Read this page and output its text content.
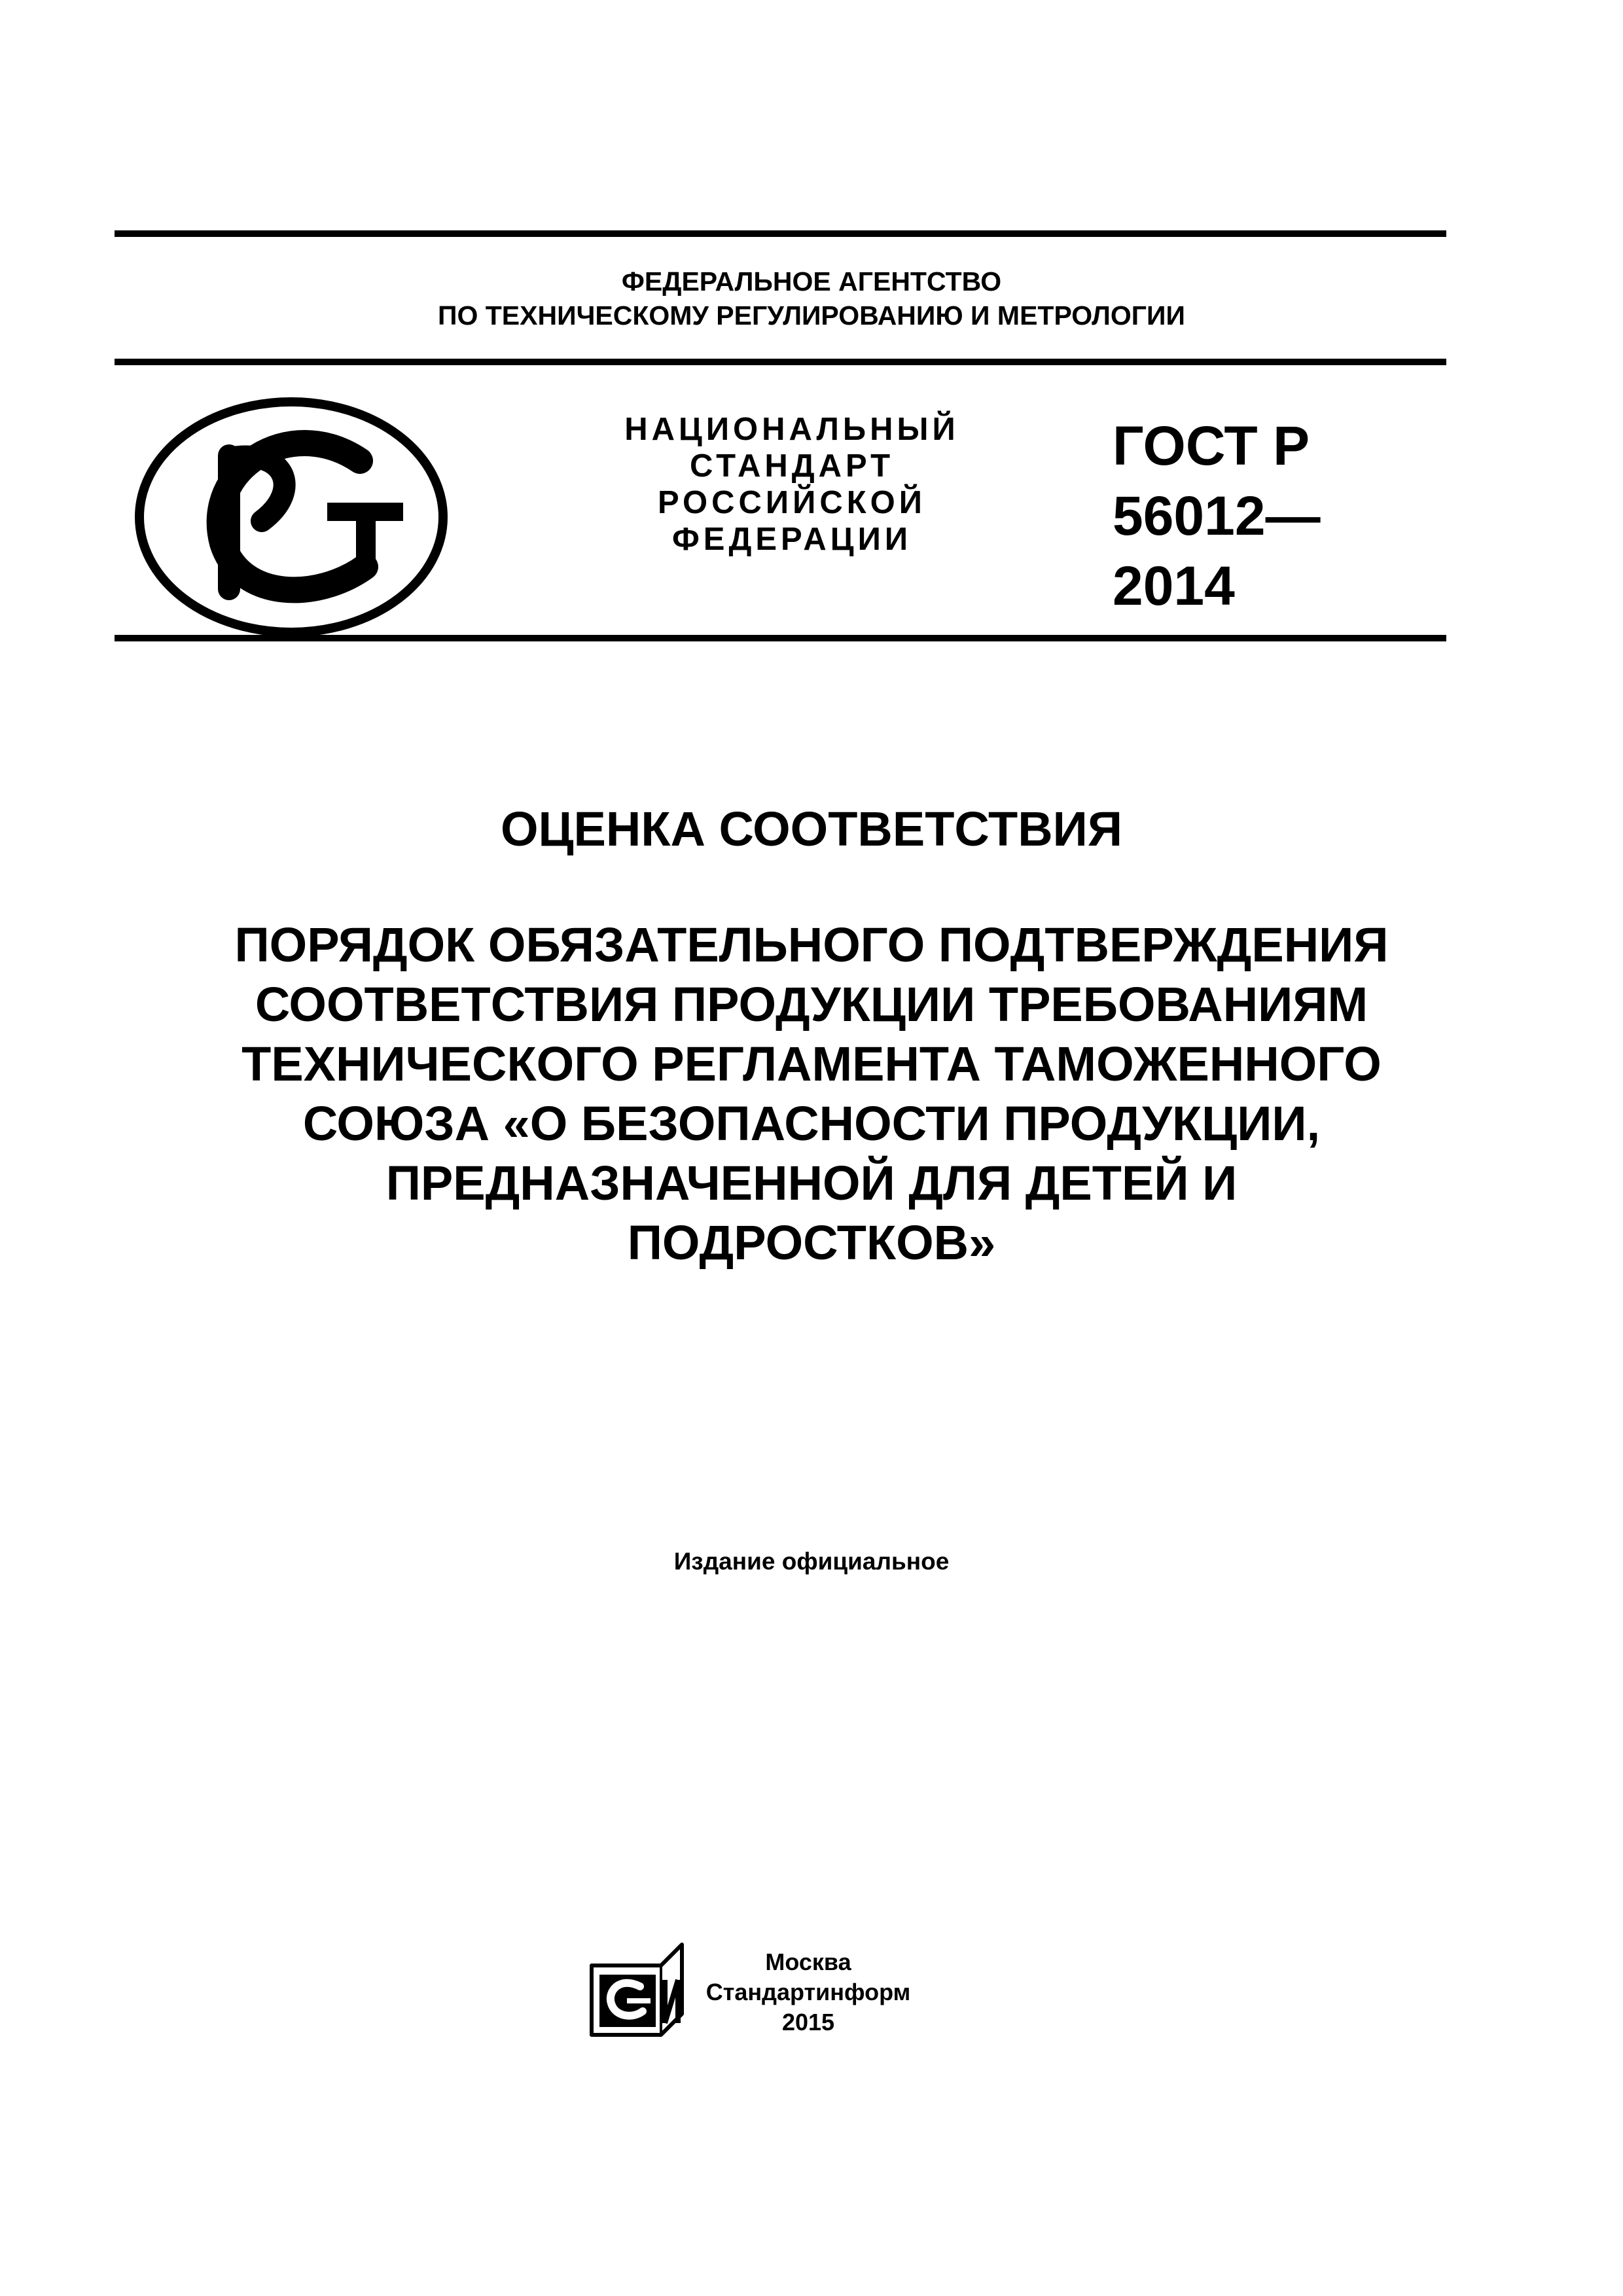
ФЕДЕРАЛЬНОЕ АГЕНТСТВО
ПО ТЕХНИЧЕСКОМУ РЕГУЛИРОВАНИЮ И МЕТРОЛОГИИ
НАЦИОНАЛЬНЫЙ
СТАНДАРТ
РОССИЙСКОЙ
ФЕДЕРАЦИИ
ГОСТ Р
56012—
2014
ОЦЕНКА СООТВЕТСТВИЯ
ПОРЯДОК ОБЯЗАТЕЛЬНОГО ПОДТВЕРЖДЕНИЯ
СООТВЕТСТВИЯ ПРОДУКЦИИ ТРЕБОВАНИЯМ
ТЕХНИЧЕСКОГО РЕГЛАМЕНТА ТАМОЖЕННОГО
СОЮЗА «О БЕЗОПАСНОСТИ ПРОДУКЦИИ,
ПРЕДНАЗНАЧЕННОЙ ДЛЯ ДЕТЕЙ И
ПОДРОСТКОВ»
Издание официальное
Москва
Стандартинформ
2015
